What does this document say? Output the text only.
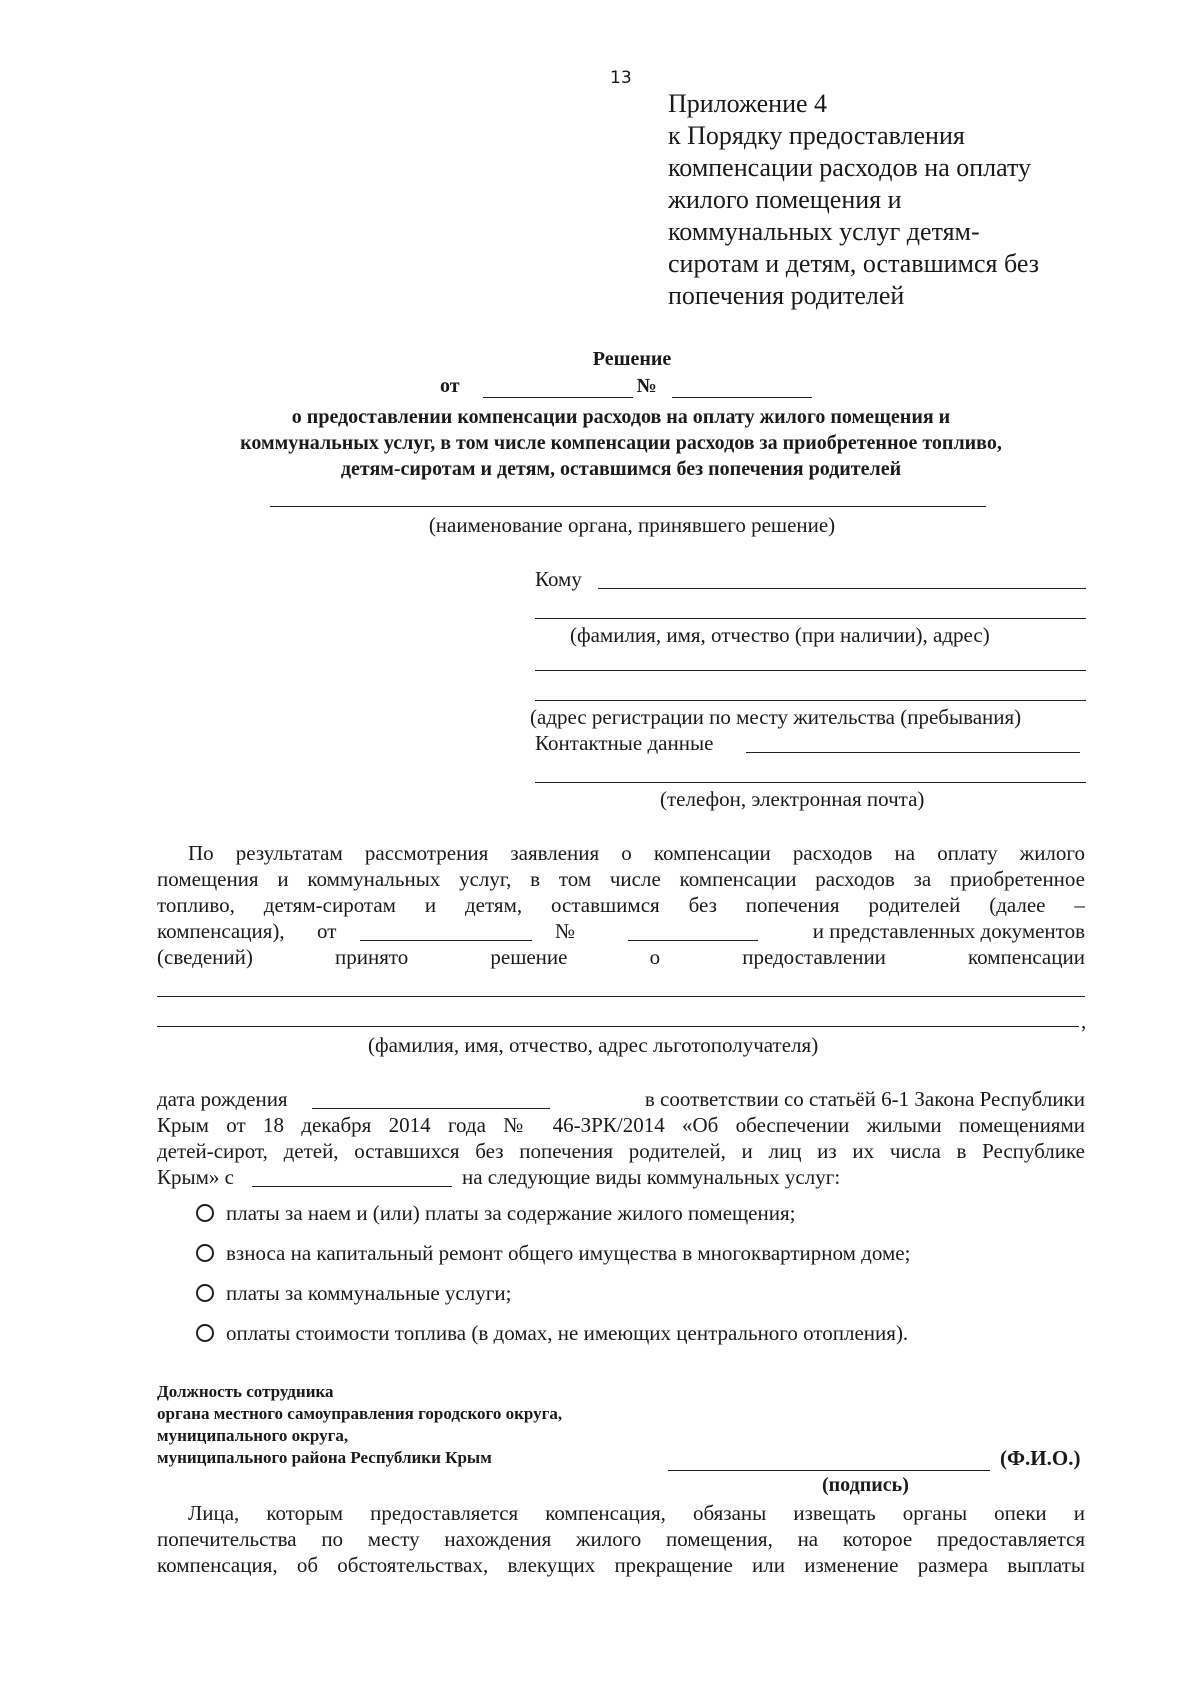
13
Приложение 4
к Порядку предоставления
компенсации расходов на оплату
жилого помещения и
коммунальных услуг детям-
сиротам и детям, оставшимся без
попечения родителей
Решение
от	№
о предоставлении компенсации расходов на оплату жилого помещения и
коммунальных услуг, в том числе компенсации расходов за приобретенное топливо,
детям-сиротам и детям, оставшимся без попечения родителей
(наименование органа, принявшего решение)
Кому
(фамилия, имя, отчество (при наличии), адрес)
(адрес регистрации по месту жительства (пребывания)
Контактные данные
(телефон, электронная почта)
По результатам рассмотрения заявления о компенсации расходов на оплату жилого
помещения и коммунальных услуг, в том числе компенсации расходов за приобретенное
топливо, детям-сиротам и детям, оставшимся без попечения родителей (далее –
компенсация), от	№	и представленных документов
(сведений)	принято	решение	о	предоставлении	компенсации
,
(фамилия, имя, отчество, адрес льготополучателя)
дата рождения	в соответствии со статьёй 6-1 Закона Республики
Крым от 18 декабря 2014 года № 46-ЗРК/2014 «Об обеспечении жилыми помещениями
детей-сирот, детей, оставшихся без попечения родителей, и лиц из их числа в Республике
Крым» с	на следующие виды коммунальных услуг:
платы за наем и (или) платы за содержание жилого помещения;
взноса на капитальный ремонт общего имущества в многоквартирном доме;
платы за коммунальные услуги;
оплаты стоимости топлива (в домах, не имеющих центрального отопления).
Должность сотрудника
органа местного самоуправления городского округа,
муниципального округа,
муниципального района Республики Крым	(Ф.И.О.)
(подпись)
Лица, которым предоставляется компенсация, обязаны извещать органы опеки и
попечительства по месту нахождения жилого помещения, на которое предоставляется
компенсация, об обстоятельствах, влекущих прекращение или изменение размера выплаты
